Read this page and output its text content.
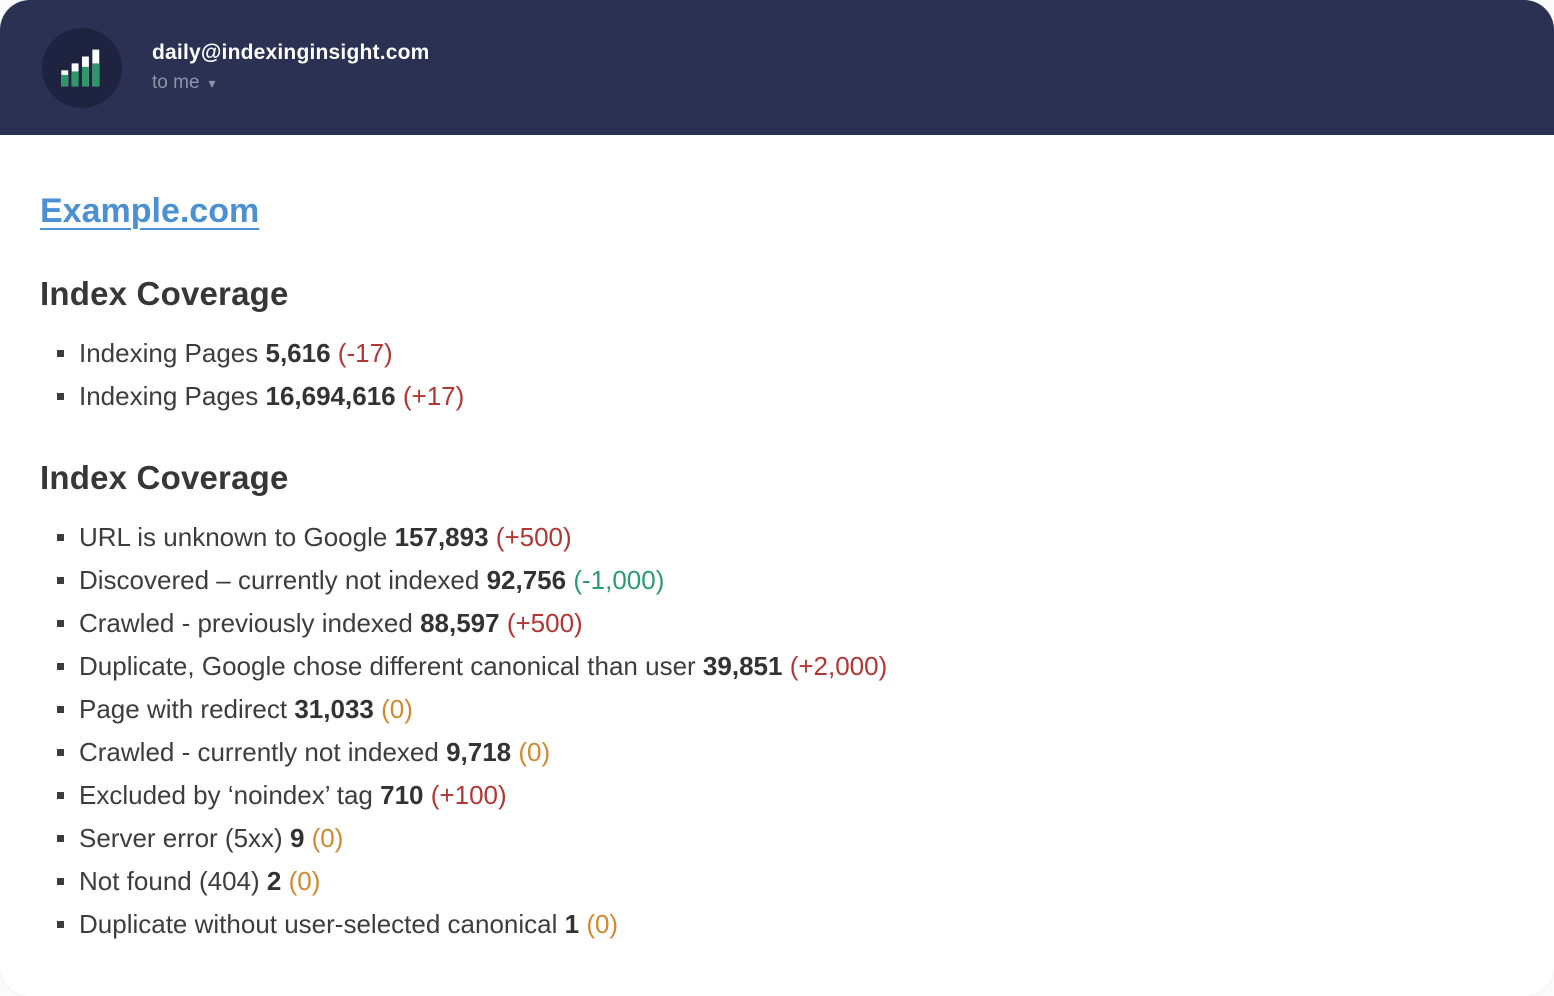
daily@indexinginsight.com
to me ▾
Example.com
Index Coverage
Indexing Pages 5,616 (-17)
Indexing Pages 16,694,616 (+17)
Index Coverage
URL is unknown to Google 157,893 (+500)
Discovered – currently not indexed 92,756 (-1,000)
Crawled - previously indexed 88,597 (+500)
Duplicate, Google chose different canonical than user 39,851 (+2,000)
Page with redirect 31,033 (0)
Crawled - currently not indexed 9,718 (0)
Excluded by ‘noindex’ tag 710 (+100)
Server error (5xx) 9 (0)
Not found (404) 2 (0)
Duplicate without user-selected canonical 1 (0)
